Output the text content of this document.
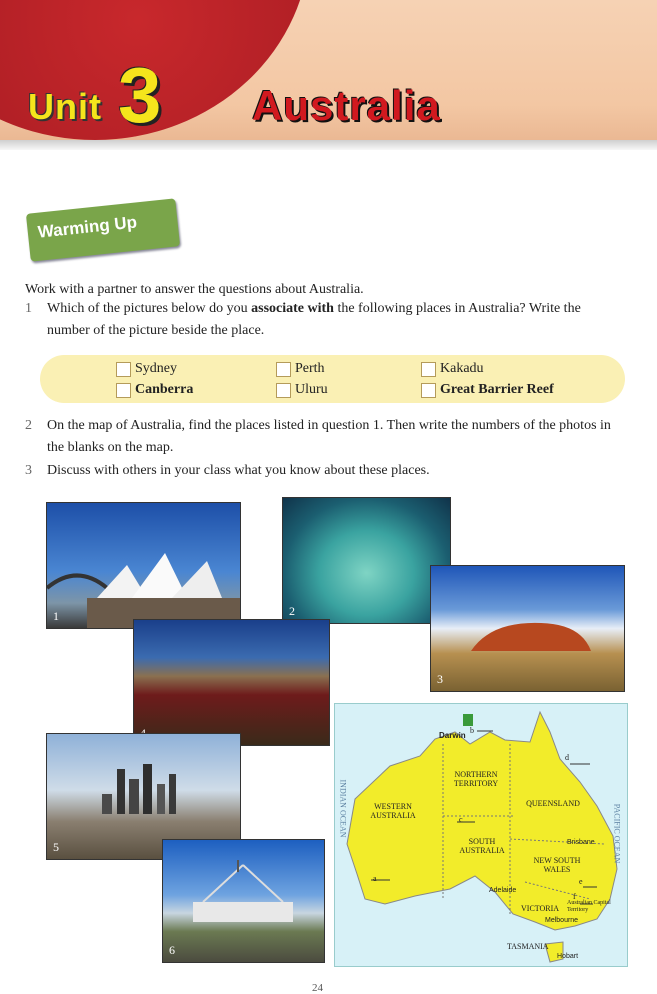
Unit 3 Australia
Warming Up
Work with a partner to answer the questions about Australia.
1 Which of the pictures below do you associate with the following places in Australia? Write the number of the picture beside the place.
Sydney	Perth	Kakadu
Canberra	Uluru	Great Barrier Reef
2 On the map of Australia, find the places listed in question 1. Then write the numbers of the photos in the blanks on the map.
3 Discuss with others in your class what you know about these places.
1	2
3
5
6
Darwin
b
d
NORTHERN TERRITORY
QUEENSLAND
WESTERN AUSTRALIA	c
SOUTH AUSTRALIA
Brisbane
NEW SOUTH WALES
a
Adelaide
e
VICTORIA
Australian Capital Territory
Melbourne
f
TASMANIA
Hobart
INDIAN OCEAN	PACIFIC OCEAN
24
